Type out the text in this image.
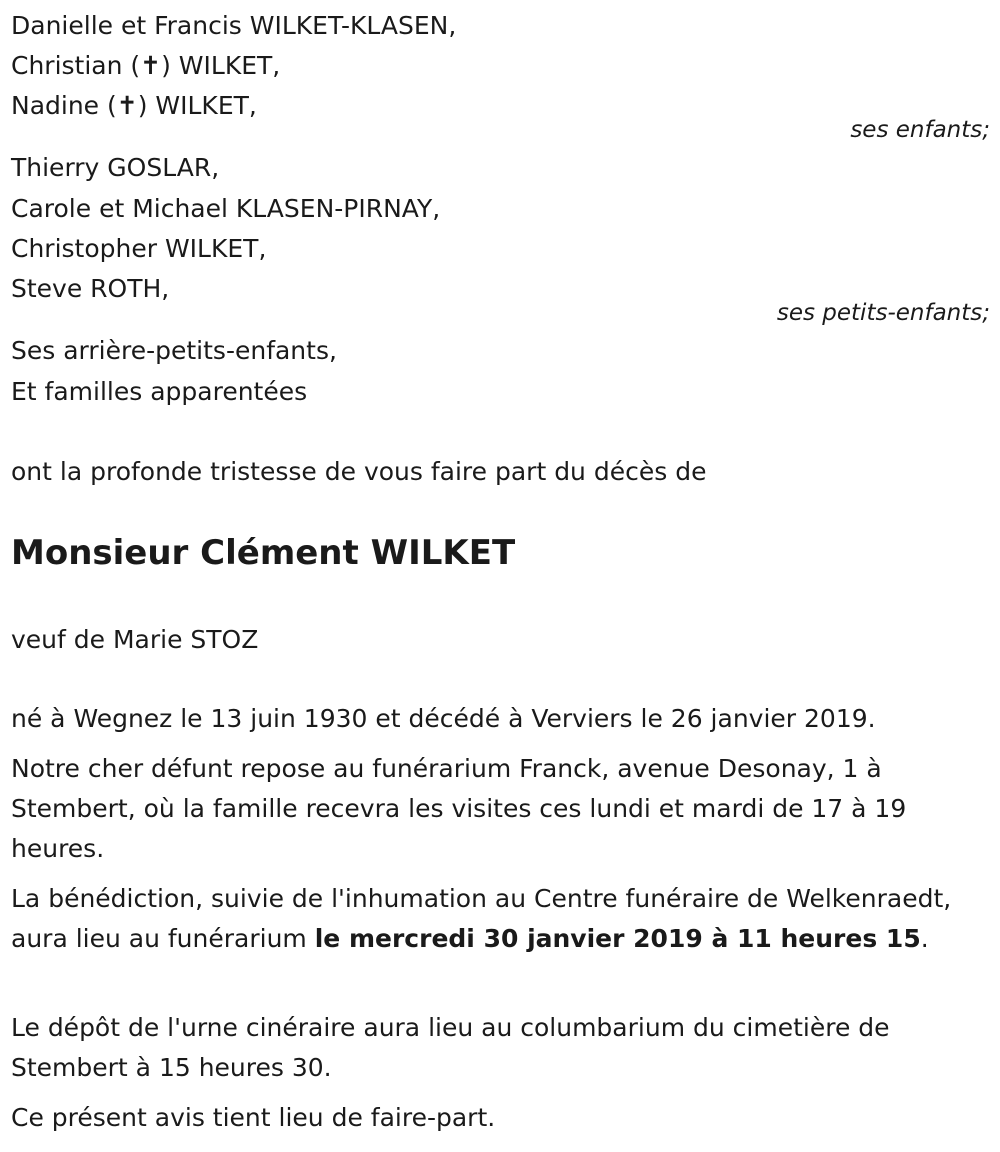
Danielle et Francis WILKET-KLASEN,
Christian (✝) WILKET,
Nadine (✝) WILKET,
ses enfants;
Thierry GOSLAR,
Carole et Michael KLASEN-PIRNAY,
Christopher WILKET,
Steve ROTH,
ses petits-enfants;
Ses arrière-petits-enfants,
Et familles apparentées
ont la profonde tristesse de vous faire part du décès de
Monsieur Clément WILKET
veuf de Marie STOZ
né à Wegnez le 13 juin 1930 et décédé à Verviers le 26 janvier 2019.
Notre cher défunt repose au funérarium Franck, avenue Desonay, 1 à Stembert, où la famille recevra les visites ces lundi et mardi de 17 à 19 heures.
La bénédiction, suivie de l'inhumation au Centre funéraire de Welkenraedt, aura lieu au funérarium le mercredi 30 janvier 2019 à 11 heures 15.
Le dépôt de l'urne cinéraire aura lieu au columbarium du cimetière de Stembert à 15 heures 30.
Ce présent avis tient lieu de faire-part.
